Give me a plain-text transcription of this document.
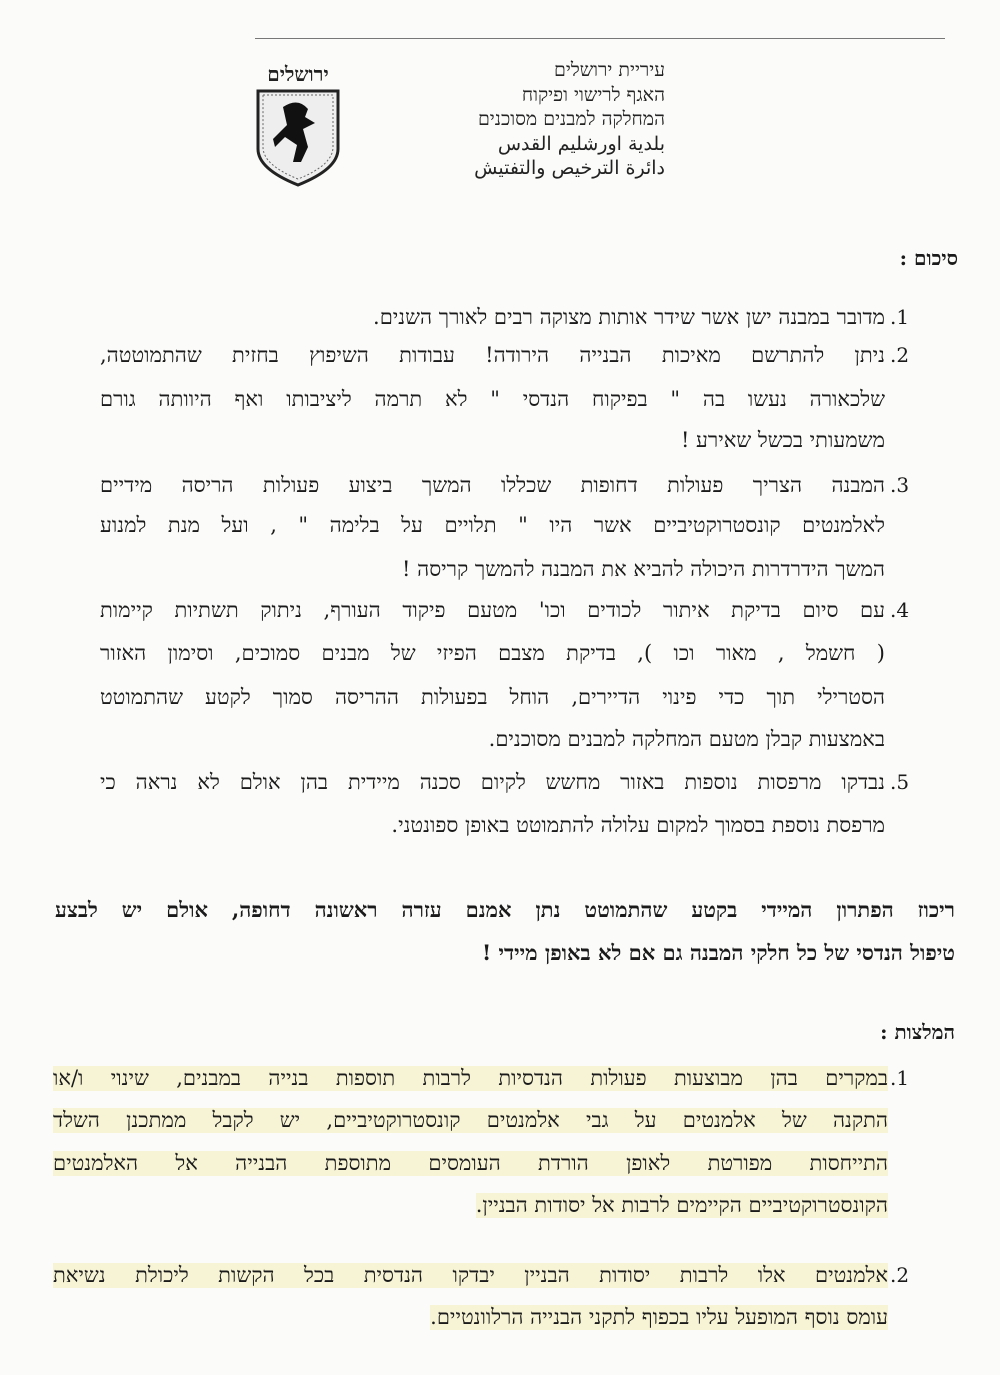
עיריית ירושלים
האגף לרישוי ופיקוח
המחלקה למבנים מסוכנים
بلدية اورشليم القدس
دائرة الترخيص والتفتيش
ירושלים
סיכום :
1.
מדובר במבנה ישן אשר שידר אותות מצוקה רבים לאורך השנים.
2.
ניתן להתרשם מאיכות הבנייה הירודה! עבודות השיפוץ בחזית שהתמוטטה,
שלכאורה נעשו בה " בפיקוח הנדסי " לא תרמה ליציבותו ואף היוותה גורם
משמעותי בכשל שאירע !
3.
המבנה הצריך פעולות דחופות שכללו המשך ביצוע פעולות הריסה מידיים
לאלמנטים קונסטרוקטיביים אשר היו " תלויים על בלימה " , ועל מנת למנוע
המשך הידרדרות היכולה להביא את המבנה להמשך קריסה !
4.
עם סיום בדיקת איתור לכודים וכו' מטעם פיקוד העורף, ניתוק תשתיות קיימות
( חשמל , מאור וכו ), בדיקת מצבם הפיזי של מבנים סמוכים, וסימון האזור
הסטרילי תוך כדי פינוי הדיירים, הוחל בפעולות ההריסה סמוך לקטע שהתמוטט
באמצעות קבלן מטעם המחלקה למבנים מסוכנים.
5.
נבדקו מרפסות נוספות באזור מחשש לקיום סכנה מיידית בהן אולם לא נראה כי
מרפסת נוספת בסמוך למקום עלולה להתמוטט באופן ספונטני.
ריכוז הפתרון המיידי בקטע שהתמוטט נתן אמנם עזרה ראשונה דחופה, אולם יש לבצע
טיפול הנדסי של כל חלקי המבנה גם אם לא באופן מיידי !
המלצות :
1.
במקרים בהן מבוצעות פעולות הנדסיות לרבות תוספות בנייה במבנים, שינוי ו/או
התקנה של אלמנטים על גבי אלמנטים קונסטרוקטיביים, יש לקבל ממתכנן השלד
התייחסות מפורטת לאופן הורדת העומסים מתוספת הבנייה אל האלמנטים
הקונסטרוקטיביים הקיימים לרבות אל יסודות הבניין.
2.
אלמנטים אלו לרבות יסודות הבניין יבדקו הנדסית בכל הקשות ליכולת נשיאת
עומס נוסף המופעל עליו בכפוף לתקני הבנייה הרלוונטיים.
